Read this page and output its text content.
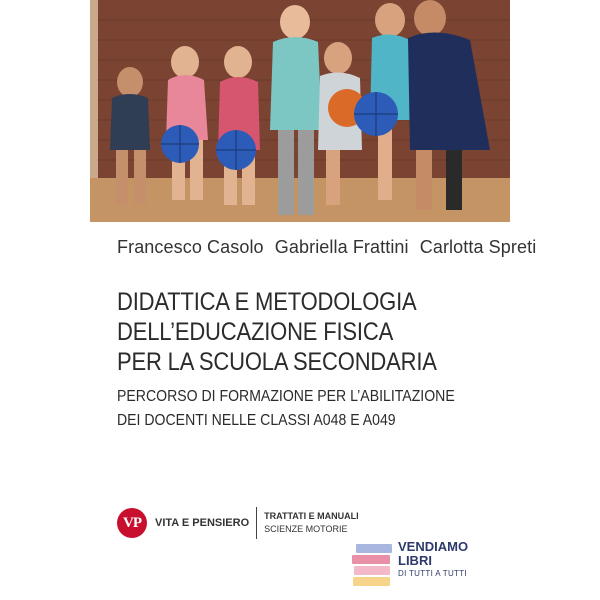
Francesco Casolo Gabriella Frattini Carlotta Spreti
DIDATTICA E METODOLOGIA
DELL’EDUCAZIONE FISICA
PER LA SCUOLA SECONDARIA
PERCORSO DI FORMAZIONE PER L’ABILITAZIONE
DEI DOCENTI NELLE CLASSI A048 E A049
VP	VITA E PENSIERO
TRATTATI E MANUALI
SCIENZE MOTORIE
VENDIAMO
LIBRI
DI TUTTI A TUTTI
